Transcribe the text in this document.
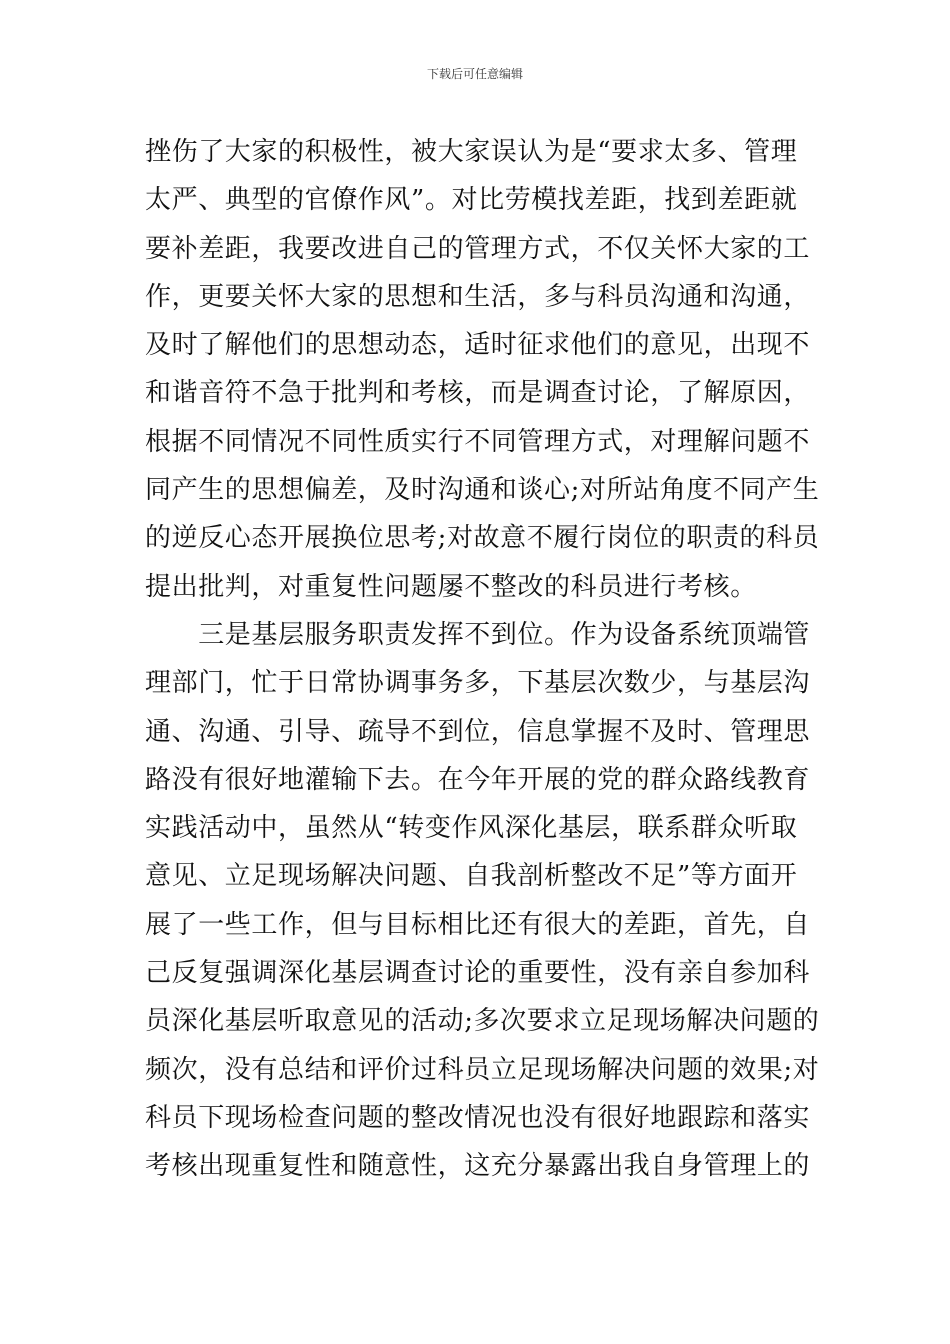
下载后可任意编辑
挫伤了大家的积极性，被大家误认为是“要求太多、管理
太严、典型的官僚作风”。对比劳模找差距，找到差距就
要补差距，我要改进自己的管理方式，不仅关怀大家的工
作，更要关怀大家的思想和生活，多与科员沟通和沟通，
及时了解他们的思想动态，适时征求他们的意见，出现不
和谐音符不急于批判和考核，而是调查讨论，了解原因，
根据不同情况不同性质实行不同管理方式，对理解问题不
同产生的思想偏差，及时沟通和谈心;对所站角度不同产生
的逆反心态开展换位思考;对故意不履行岗位的职责的科员
提出批判，对重复性问题屡不整改的科员进行考核。
　　三是基层服务职责发挥不到位。作为设备系统顶端管
理部门，忙于日常协调事务多，下基层次数少，与基层沟
通、沟通、引导、疏导不到位，信息掌握不及时、管理思
路没有很好地灌输下去。在今年开展的党的群众路线教育
实践活动中，虽然从“转变作风深化基层，联系群众听取
意见、立足现场解决问题、自我剖析整改不足”等方面开
展了一些工作，但与目标相比还有很大的差距，首先，自
己反复强调深化基层调查讨论的重要性，没有亲自参加科
员深化基层听取意见的活动;多次要求立足现场解决问题的
频次，没有总结和评价过科员立足现场解决问题的效果;对
科员下现场检查问题的整改情况也没有很好地跟踪和落实
考核出现重复性和随意性，这充分暴露出我自身管理上的
